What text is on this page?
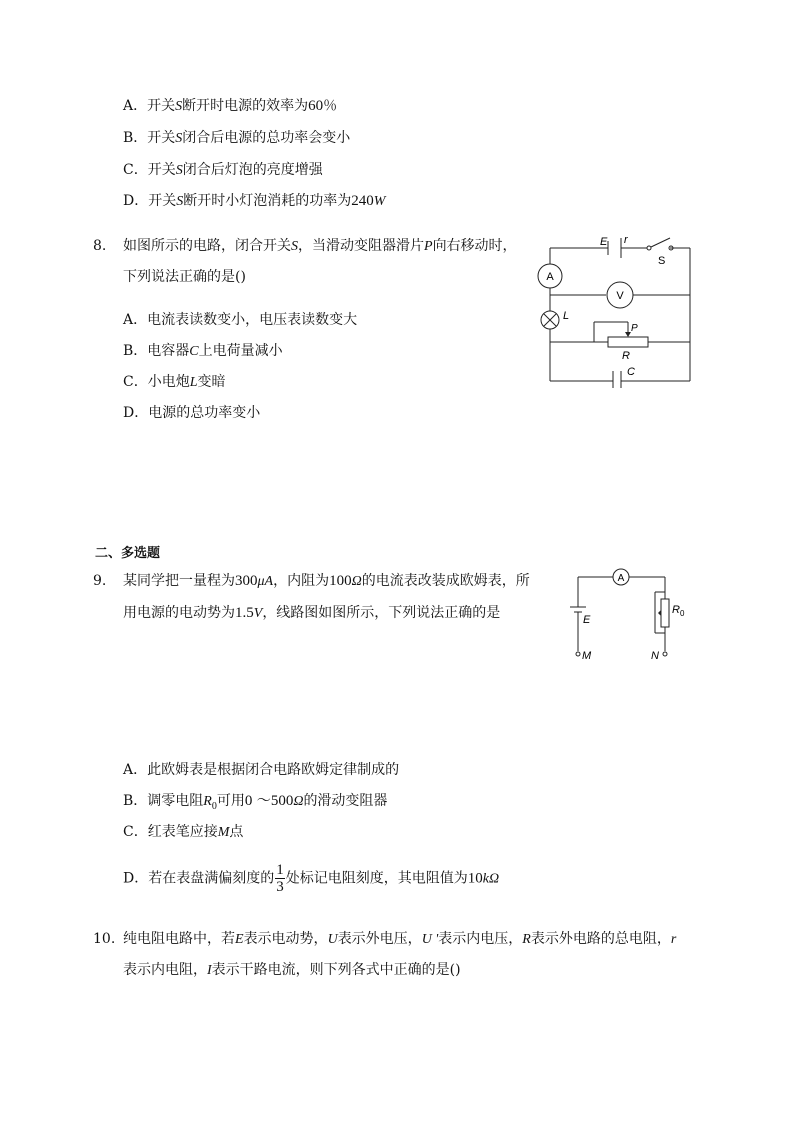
A．开关S断开时电源的效率为60％
B．开关S闭合后电源的总功率会变小
C．开关S闭合后灯泡的亮度增强
D．开关S断开时小灯泡消耗的功率为240W
8. 如图所示的电路，闭合开关S，当滑动变阻器滑片P向右移动时，
下列说法正确的是()
A．电流表读数变小，电压表读数变大
B．电容器C上电荷量减小
C．小电炮L变暗
D．电源的总功率变小
E r
S
A
V
L
P
R
C
二、多选题
9. 某同学把一量程为300μA，内阻为100Ω的电流表改装成欧姆表，所
用电源的电动势为1.5V，线路图如图所示，下列说法正确的是
A
E
$R_0$
M	N
A．此欧姆表是根据闭合电路欧姆定律制成的
B．调零电阻$R_0$可用0 ～500Ω的滑动变阻器
C．红表笔应接M点
D．若在表盘满偏刻度的 $\frac{1}{3}$ 处标记电阻刻度，其电阻值为10kΩ
10. 纯电阻电路中，若E表示电动势，U表示外电压，U '表示内电压，R表示外电路的总电阻，r
表示内电阻，I表示干路电流，则下列各式中正确的是()
